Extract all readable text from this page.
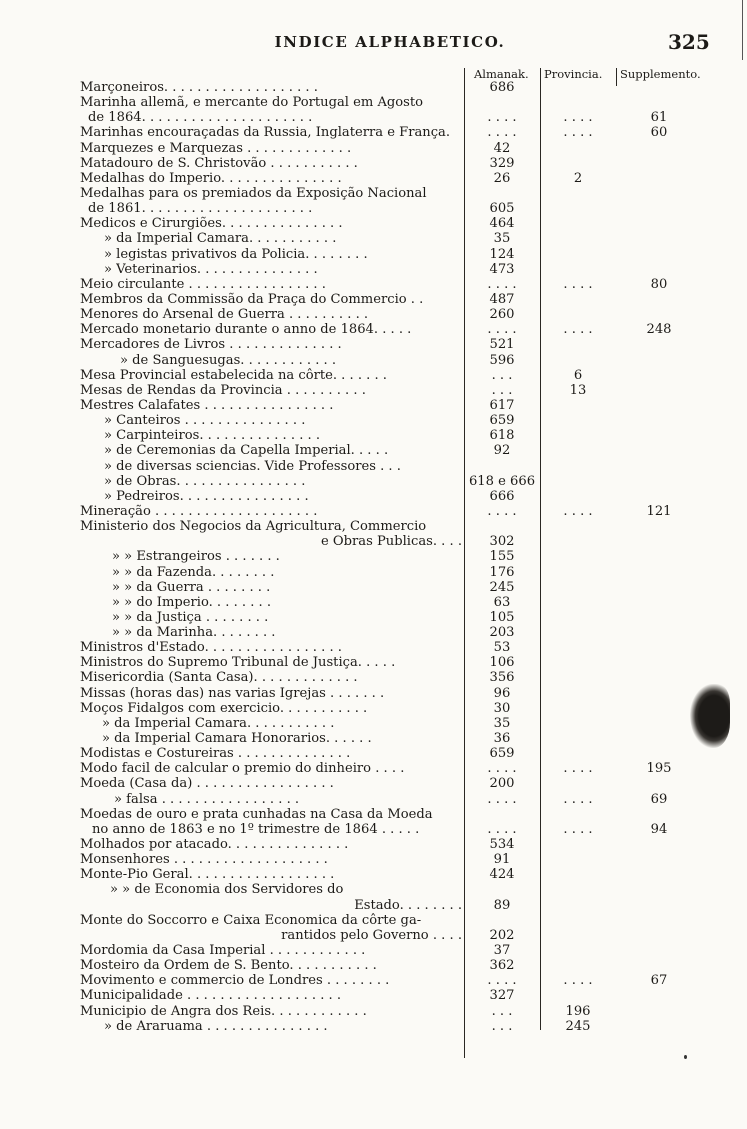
INDICE ALPHABETICO.	325
Almanak. Provincia. Supplemento.
Marçoneiros. . . . . . . . . . . . . . . . . . .	686
Marinha allemã, e mercante do Portugal em Agosto
de 1864. . . . . . . . . . . . . . . . . . . . .	. . . .	. . . .	61
Marinhas encouraçadas da Russia, Inglaterra e França.	. . . .	. . . .	60
Marquezes e Marquezas . . . . . . . . . . . . .	42
Matadouro de S. Christovão . . . . . . . . . . .	329
Medalhas do Imperio. . . . . . . . . . . . . . .	26	2
Medalhas para os premiados da Exposição Nacional
de 1861. . . . . . . . . . . . . . . . . . . . .	605
Medicos e Cirurgiões. . . . . . . . . . . . . . .	464
» da Imperial Camara. . . . . . . . . . .	35
» legistas privativos da Policia. . . . . . . .	124
» Veterinarios. . . . . . . . . . . . . . .	473
Meio circulante . . . . . . . . . . . . . . . . .	. . . .	. . . .	80
Membros da Commissão da Praça do Commercio . .	487
Menores do Arsenal de Guerra . . . . . . . . . .	260
Mercado monetario durante o anno de 1864. . . . .	. . . .	. . . .	248
Mercadores de Livros . . . . . . . . . . . . . .	521
» de Sanguesugas. . . . . . . . . . . .	596
Mesa Provincial estabelecida na côrte. . . . . . .	. . .	6
Mesas de Rendas da Provincia . . . . . . . . . .	. . .	13
Mestres Calafates . . . . . . . . . . . . . . . .	617
» Canteiros . . . . . . . . . . . . . . .	659
» Carpinteiros. . . . . . . . . . . . . . .	618
» de Ceremonias da Capella Imperial. . . . .	92
» de diversas sciencias. Vide Professores . . .
» de Obras. . . . . . . . . . . . . . . .	618 e 666
» Pedreiros. . . . . . . . . . . . . . . .	666
Mineração . . . . . . . . . . . . . . . . . . . .	. . . .	. . . .	121
Ministerio dos Negocios da Agricultura, Commercio
e Obras Publicas. . . .	302
» » Estrangeiros . . . . . . .	155
» » da Fazenda. . . . . . . .	176
» » da Guerra . . . . . . . .	245
» » do Imperio. . . . . . . .	63
» » da Justiça . . . . . . . .	105
» » da Marinha. . . . . . . .	203
Ministros d'Estado. . . . . . . . . . . . . . . . .	53
Ministros do Supremo Tribunal de Justiça. . . . .	106
Misericordia (Santa Casa). . . . . . . . . . . . .	356
Missas (horas das) nas varias Igrejas . . . . . . .	96
Moços Fidalgos com exercicio. . . . . . . . . . .	30
» da Imperial Camara. . . . . . . . . . .	35
» da Imperial Camara Honorarios. . . . . .	36
Modistas e Costureiras . . . . . . . . . . . . . .	659
Modo facil de calcular o premio do dinheiro . . . .	. . . .	. . . .	195
Moeda (Casa da) . . . . . . . . . . . . . . . . .	200
» falsa . . . . . . . . . . . . . . . . .	. . . .	. . . .	69
Moedas de ouro e prata cunhadas na Casa da Moeda
no anno de 1863 e no 1º trimestre de 1864 . . . . .	. . . .	. . . .	94
Molhados por atacado. . . . . . . . . . . . . . .	534
Monsenhores . . . . . . . . . . . . . . . . . . .	91
Monte-Pio Geral. . . . . . . . . . . . . . . . . .	424
» » de Economia dos Servidores do
Estado. . . . . . . .	89
Monte do Soccorro e Caixa Economica da côrte ga-
rantidos pelo Governo . . . .	202
Mordomia da Casa Imperial . . . . . . . . . . . .	37
Mosteiro da Ordem de S. Bento. . . . . . . . . . .	362
Movimento e commercio de Londres . . . . . . . .	. . . .	. . . .	67
Municipalidade . . . . . . . . . . . . . . . . . . .	327
Municipio de Angra dos Reis. . . . . . . . . . . .	. . .	196
» de Araruama . . . . . . . . . . . . . . .	. . .	245
